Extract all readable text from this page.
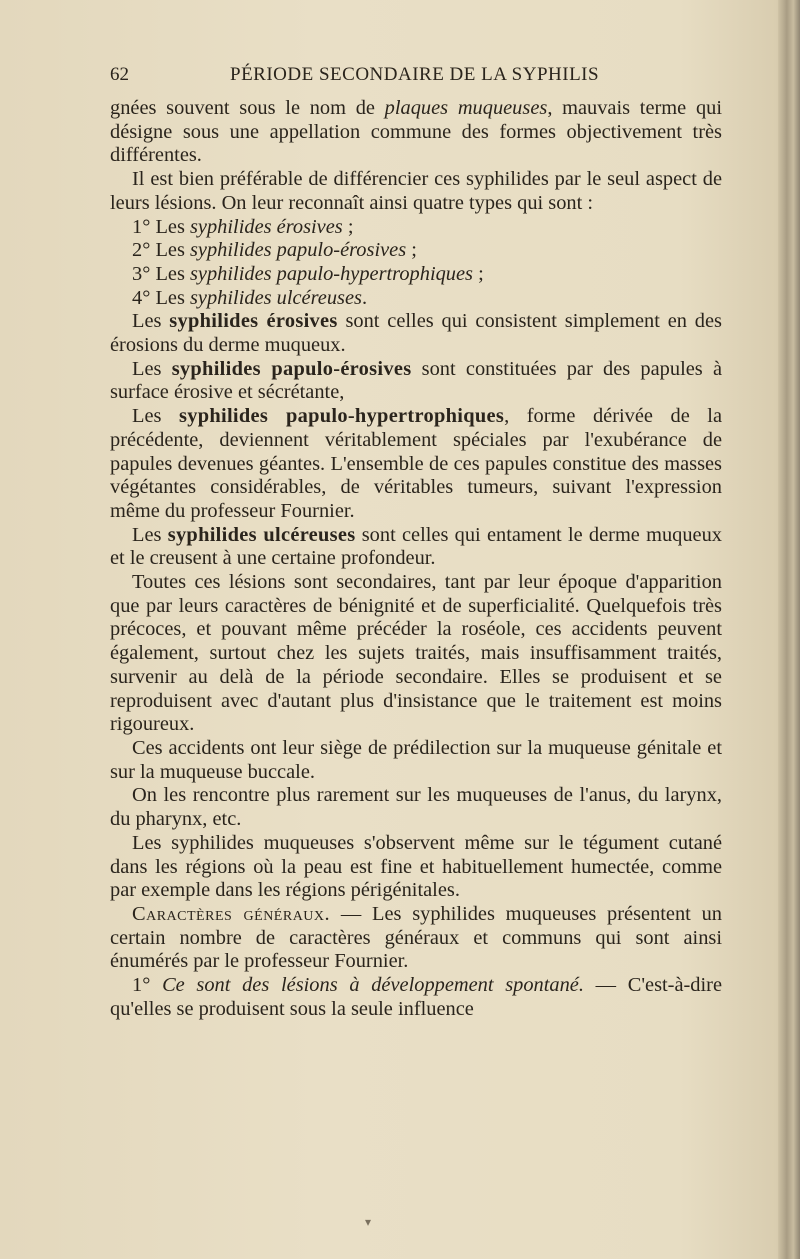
62	PÉRIODE SECONDAIRE DE LA SYPHILIS

gnées souvent sous le nom de plaques muqueuses, mauvais terme qui désigne sous une appellation commune des formes objectivement très différentes.

Il est bien préférable de différencier ces syphilides par le seul aspect de leurs lésions. On leur reconnaît ainsi quatre types qui sont :

1° Les syphilides érosives ;

2° Les syphilides papulo-érosives ;

3° Les syphilides papulo-hypertrophiques ;

4° Les syphilides ulcéreuses.

Les syphilides érosives sont celles qui consistent simplement en des érosions du derme muqueux.

Les syphilides papulo-érosives sont constituées par des papules à surface érosive et sécrétante,

Les syphilides papulo-hypertrophiques, forme dérivée de la précédente, deviennent véritablement spéciales par l'exubérance de papules devenues géantes. L'ensemble de ces papules constitue des masses végétantes considérables, de véritables tumeurs, suivant l'expression même du professeur Fournier.

Les syphilides ulcéreuses sont celles qui entament le derme muqueux et le creusent à une certaine profondeur.

Toutes ces lésions sont secondaires, tant par leur époque d'apparition que par leurs caractères de bénignité et de superficialité. Quelquefois très précoces, et pouvant même précéder la roséole, ces accidents peuvent également, surtout chez les sujets traités, mais insuffisamment traités, survenir au delà de la période secondaire. Elles se produisent et se reproduisent avec d'autant plus d'insistance que le traitement est moins rigoureux.

Ces accidents ont leur siège de prédilection sur la muqueuse génitale et sur la muqueuse buccale.

On les rencontre plus rarement sur les muqueuses de l'anus, du larynx, du pharynx, etc.

Les syphilides muqueuses s'observent même sur le tégument cutané dans les régions où la peau est fine et habituellement humectée, comme par exemple dans les régions périgénitales.

Caractères généraux. — Les syphilides muqueuses présentent un certain nombre de caractères généraux et communs qui sont ainsi énumérés par le professeur Fournier.

1° Ce sont des lésions à développement spontané. — C'est-à-dire qu'elles se produisent sous la seule influence

▾
